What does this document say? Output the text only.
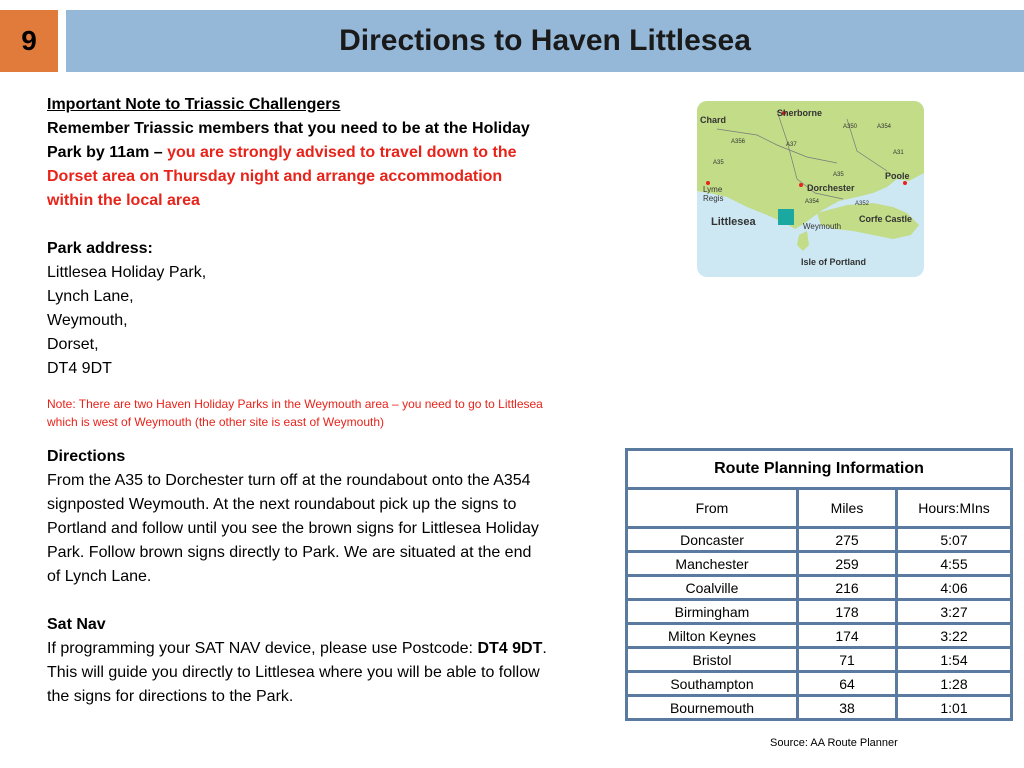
9	Directions to Haven Littlesea

Important Note to Triassic Challengers

Remember Triassic members that you need to be at the Holiday Park by 11am – you are strongly advised to travel down to the Dorset area on Thursday night and arrange accommodation within the local area

Park address:

Littlesea Holiday Park,

Lynch Lane,

Weymouth,

Dorset,

DT4 9DT

Note: There are two Haven Holiday Parks in the Weymouth area – you need to go to Littlesea which is west of Weymouth (the other site is east of Weymouth)

Directions

From the A35 to Dorchester turn off at the roundabout onto the A354 signposted Weymouth. At the next roundabout pick up the signs to Portland and follow until you see the brown signs for Littlesea Holiday Park. Follow brown signs directly to Park. We are situated at the end of Lynch Lane.

Sat Nav

If programming your SAT NAV device, please use Postcode: DT4 9DT. This will guide you directly to Littlesea where you will be able to follow the signs for directions to the Park.

Chard
Sherborne
A350	A354
A356	A37
A31
Poole
Lyme
Regis
A35
A35
Dorchester
A354	A352
Corfe Castle
Littlesea	Weymouth
Isle of Portland
Route Planning Information		
From	Miles	Hours:MIns
Doncaster	275	5:07
Manchester	259	4:55
Coalville	216	4:06
Birmingham	178	3:27
Milton Keynes	174	3:22
Bristol	71	1:54
Southampton	64	1:28
Bournemouth	38	1:01
Source: AA Route Planner
